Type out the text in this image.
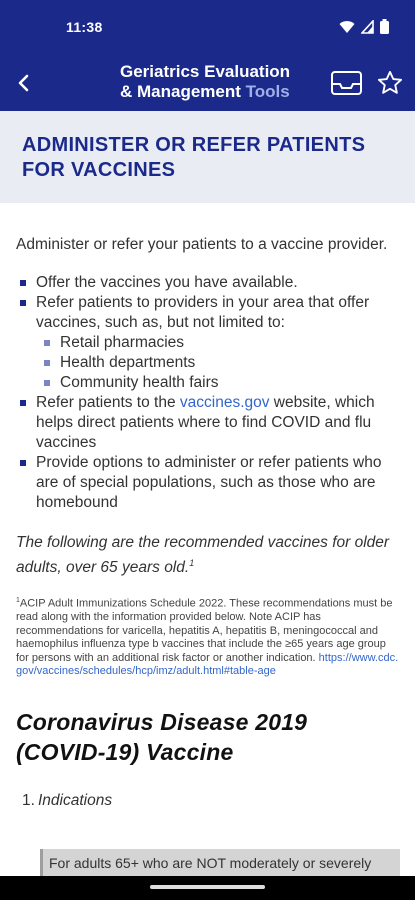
11:38
Geriatrics Evaluation
& Management Tools
ADMINISTER OR REFER PATIENTS
FOR VACCINES

Administer or refer your patients to a vaccine provider.

Offer the vaccines you have available.
Refer patients to providers in your area that offer vaccines, such as, but not limited to:
Retail pharmacies
Health departments
Community health fairs
Refer patients to the vaccines.gov website, which helps direct patients where to find COVID and flu vaccines
Provide options to administer or refer patients who are of special populations, such as those who are homebound

The following are the recommended vaccines for older adults, over 65 years old.$^1$

$^1$ACIP Adult Immunizations Schedule 2022. These recommendations must be read along with the information provided below. Note ACIP has recommendations for varicella, hepatitis A, hepatitis B, meningococcal and haemophilus influenza type b vaccines that include the ≥65 years age group for persons with an additional risk factor or another indication. https://www.cdc.gov/vaccines/schedules/hcp/imz/adult.html#table-age

Coronavirus Disease 2019
(COVID-19) Vaccine
1. Indications
For adults 65+ who are NOT moderately or severely
